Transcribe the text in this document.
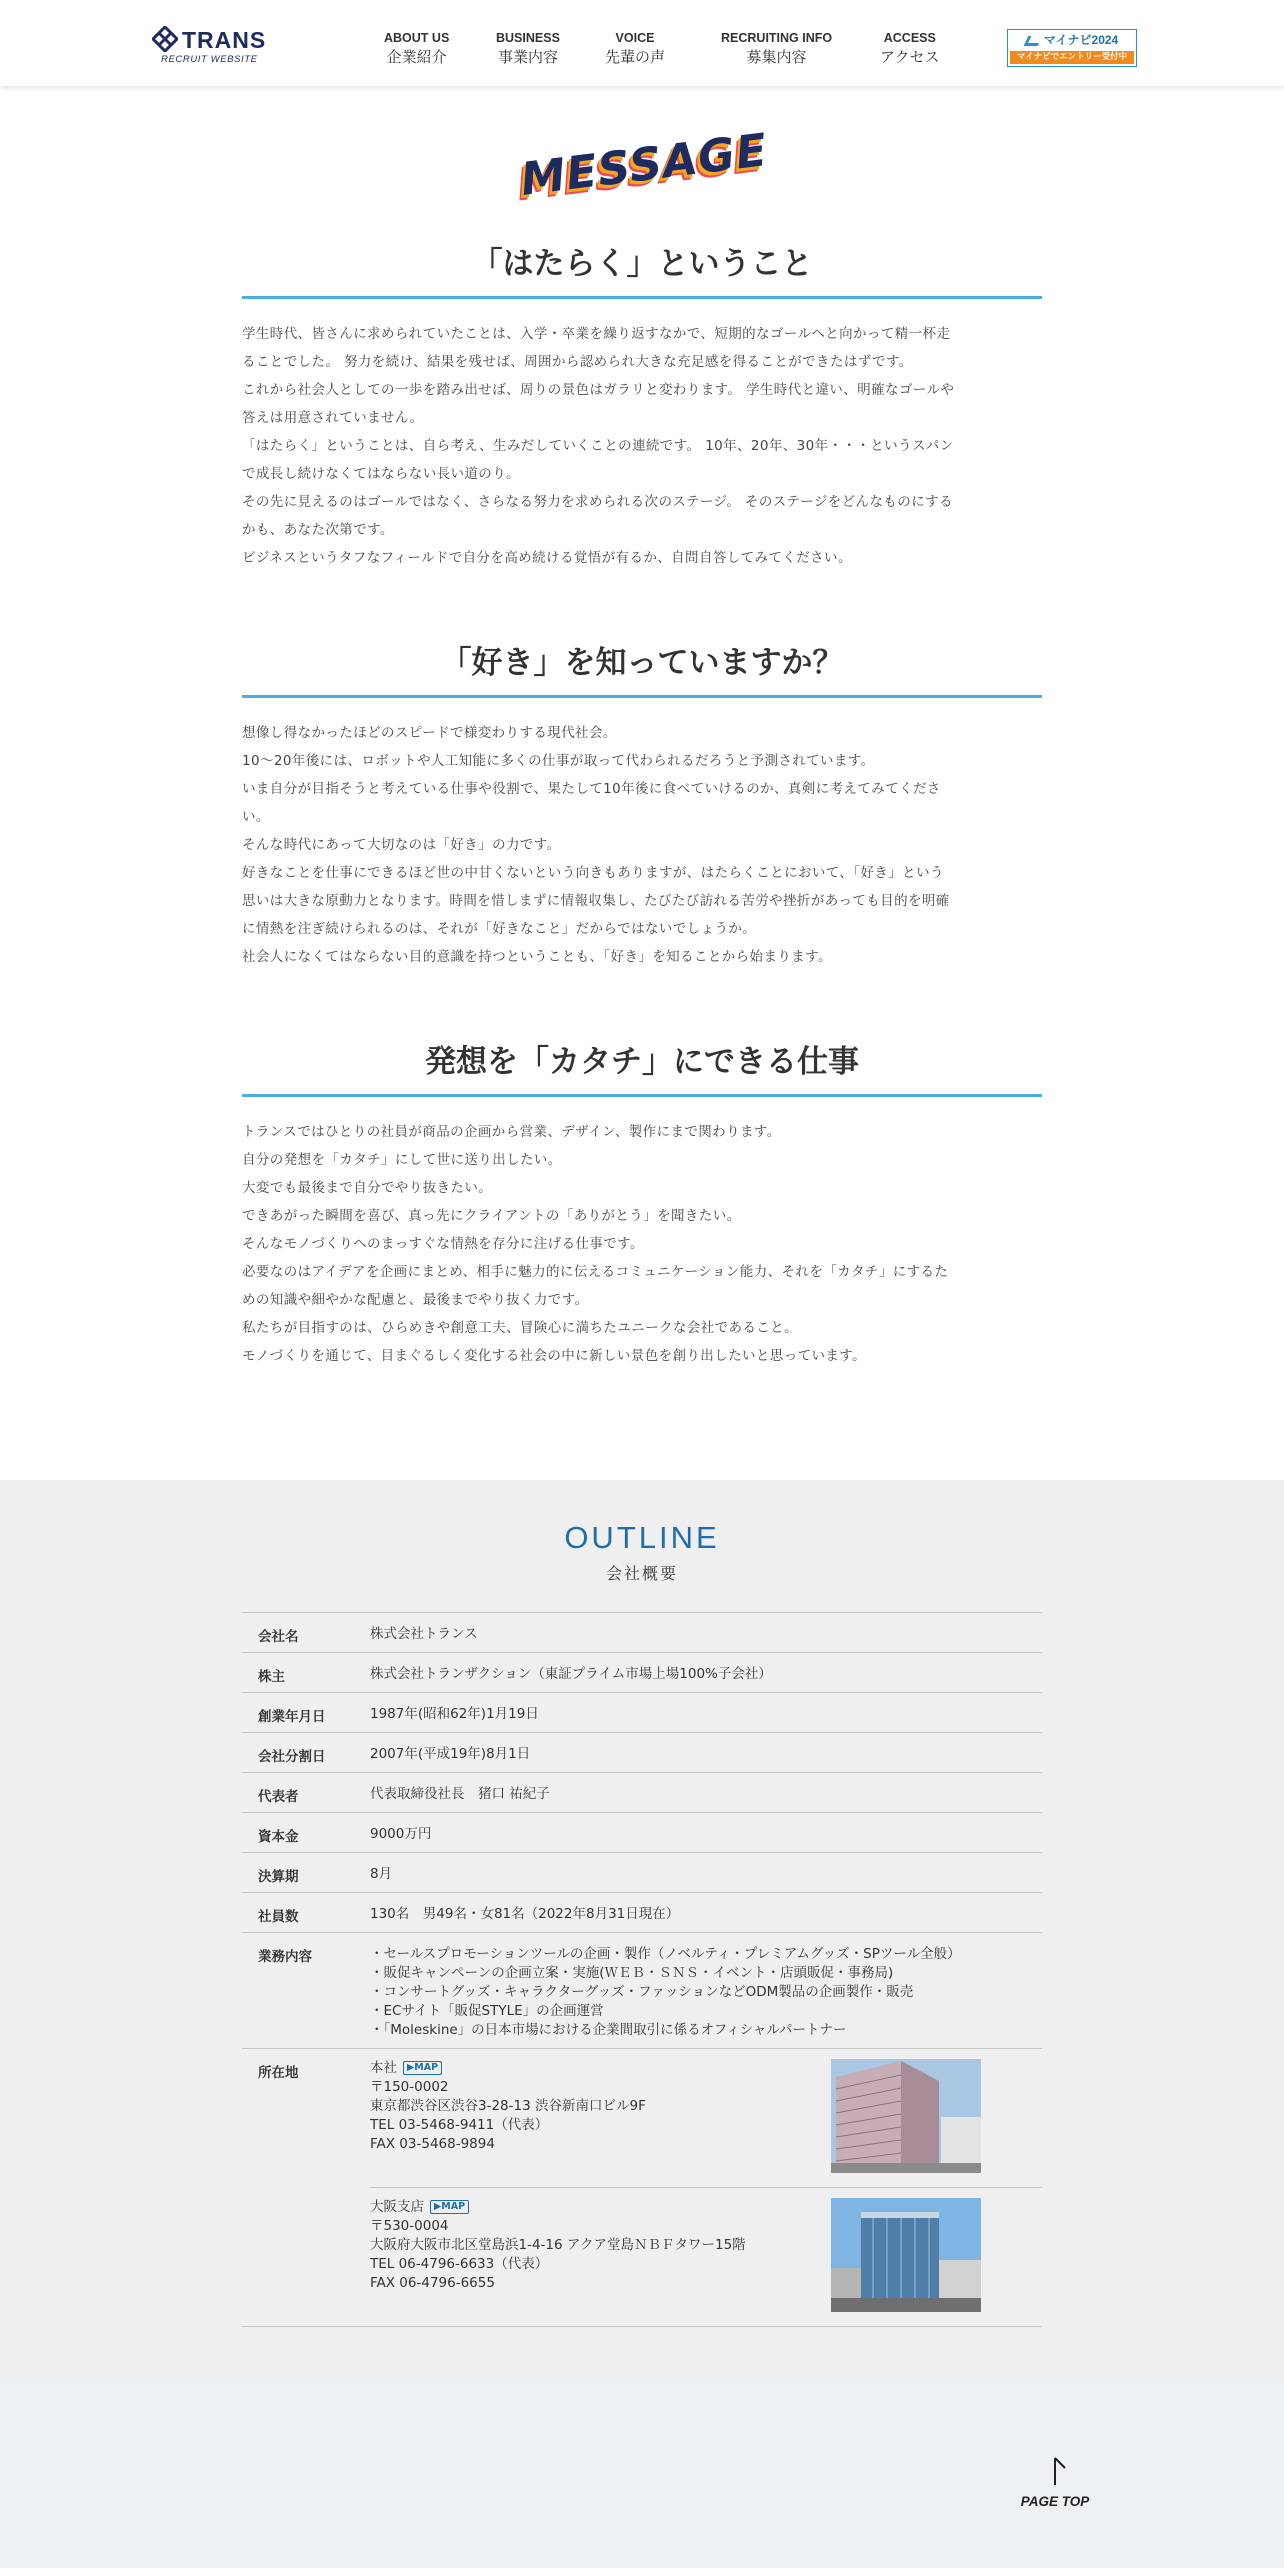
TRANS
RECRUIT WEBSITE
ABOUT US
企業紹介
BUSINESS
事業内容
VOICE
先輩の声
RECRUITING INFO
募集内容
ACCESS
アクセス
マイナビ2024
マイナビでエントリー受付中
MESSAGE
「はたらく」ということ

学生時代、皆さんに求められていたことは、入学・卒業を繰り返すなかで、短期的なゴールへと向かって精一杯走

ることでした。 努力を続け、結果を残せば、周囲から認められ大きな充足感を得ることができたはずです。

これから社会人としての一歩を踏み出せば、周りの景色はガラリと変わります。 学生時代と違い、明確なゴールや

答えは用意されていません。

「はたらく」ということは、自ら考え、生みだしていくことの連続です。 10年、20年、30年・・・というスパン

で成長し続けなくてはならない長い道のり。

その先に見えるのはゴールではなく、さらなる努力を求められる次のステージ。 そのステージをどんなものにする

かも、あなた次第です。

ビジネスというタフなフィールドで自分を高め続ける覚悟が有るか、自問自答してみてください。

「好き」を知っていますか？

想像し得なかったほどのスピードで様変わりする現代社会。

10～20年後には、ロボットや人工知能に多くの仕事が取って代わられるだろうと予測されています。

いま自分が目指そうと考えている仕事や役割で、果たして10年後に食べていけるのか、真剣に考えてみてくださ

い。

そんな時代にあって大切なのは「好き」の力です。

好きなことを仕事にできるほど世の中甘くないという向きもありますが、はたらくことにおいて、「好き」という

思いは大きな原動力となります。時間を惜しまずに情報収集し、たびたび訪れる苦労や挫折があっても目的を明確

に情熱を注ぎ続けられるのは、それが「好きなこと」だからではないでしょうか。

社会人になくてはならない目的意識を持つということも、「好き」を知ることから始まります。

発想を「カタチ」にできる仕事

トランスではひとりの社員が商品の企画から営業、デザイン、製作にまで関わります。

自分の発想を「カタチ」にして世に送り出したい。

大変でも最後まで自分でやり抜きたい。

できあがった瞬間を喜び、真っ先にクライアントの「ありがとう」を聞きたい。

そんなモノづくりへのまっすぐな情熱を存分に注げる仕事です。

必要なのはアイデアを企画にまとめ、相手に魅力的に伝えるコミュニケーション能力、それを「カタチ」にするた

めの知識や細やかな配慮と、最後までやり抜く力です。

私たちが目指すのは、ひらめきや創意工夫、冒険心に満ちたユニークな会社であること。

モノづくりを通じて、目まぐるしく変化する社会の中に新しい景色を創り出したいと思っています。

OUTLINE
会社概要
会社名	株式会社トランス
株主	株式会社トランザクション（東証プライム市場上場100%子会社）
創業年月日	1987年(昭和62年)1月19日
会社分割日	2007年(平成19年)8月1日
代表者	代表取締役社長　猪口 祐紀子
資本金	9000万円
決算期	8月
社員数	130名　男49名・女81名（2022年8月31日現在）
業務内容	・セールスプロモーションツールの企画・製作（ノベルティ・プレミアムグッズ・SPツール全般）
・販促キャンペーンの企画立案・実施(ＷＥＢ・ＳＮＳ・イベント・店頭販促・事務局)
・コンサートグッズ・キャラクターグッズ・ファッションなどODM製品の企画製作・販売
・ECサイト「販促STYLE」の企画運営
・「Moleskine」の日本市場における企業間取引に係るオフィシャルパートナー
所在地	本社 ▶MAP
〒150-0002
東京都渋谷区渋谷3-28-13 渋谷新南口ビル9F
TEL 03-5468-9411（代表）
FAX 03-5468-9894
大阪支店 ▶MAP
〒530-0004
大阪府大阪市北区堂島浜1-4-16 アクア堂島ＮＢＦタワー15階
TEL 06-4796-6633（代表）
FAX 06-4796-6655
PAGE TOP
